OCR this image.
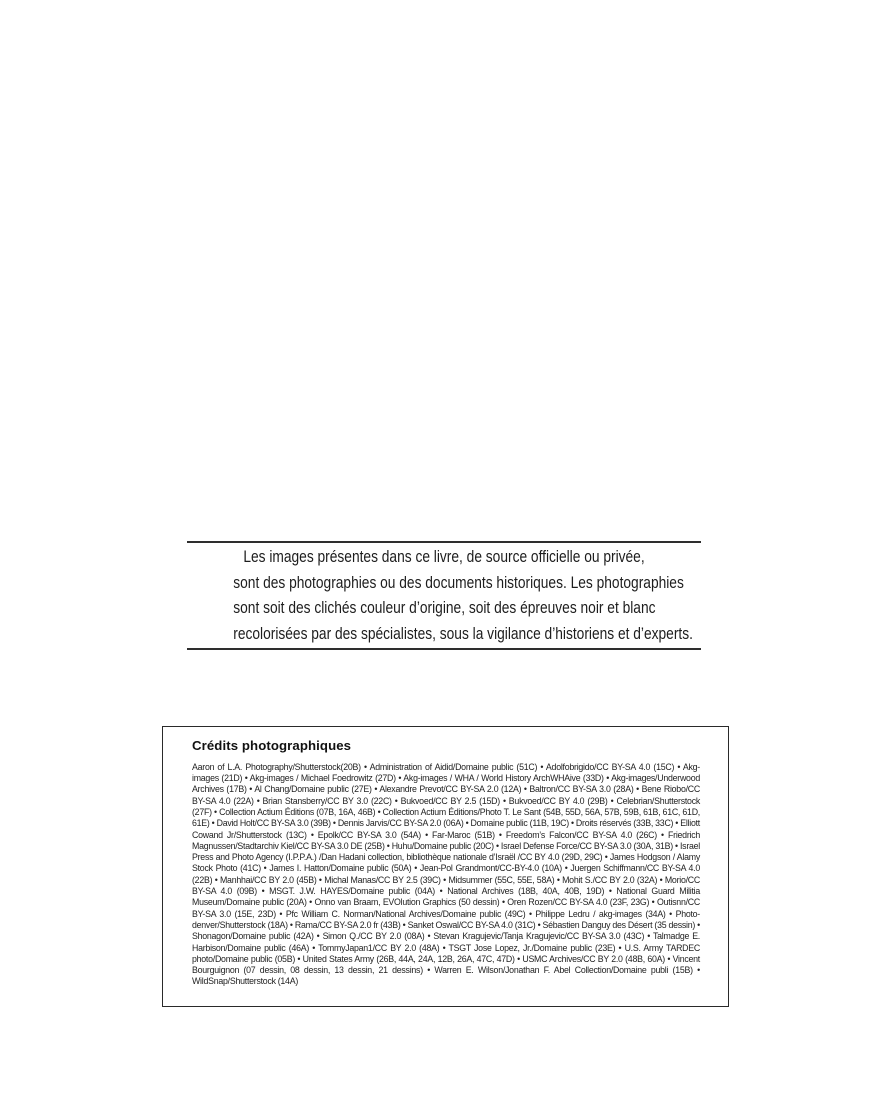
Les images présentes dans ce livre, de source officielle ou privée,
sont des photographies ou des documents historiques. Les photographies
sont soit des clichés couleur d’origine, soit des épreuves noir et blanc
recolorisées par des spécialistes, sous la vigilance d’historiens et d’experts.
Crédits photographiques

Aaron of L.A. Photography/Shutterstock(20B) • Administration of Aidid/Domaine public (51C) • Adolfobrigido/CC BY-SA 4.0 (15C) • Akg-images (21D) • Akg-images / Michael Foedrowitz (27D) • Akg-images / WHA / World History ArchWHAive (33D) • Akg-images/Underwood Archives (17B) • Al Chang/Domaine public (27E) • Alexandre Prevot/CC BY-SA 2.0 (12A) • Baltron/CC BY-SA 3.0 (28A) • Bene Riobo/CC BY-SA 4.0 (22A) • Brian Stansberry/CC BY 3.0 (22C) • Bukvoed/CC BY 2.5 (15D) • Bukvoed/CC BY 4.0 (29B) • Celebrian/Shutterstock (27F) • Collection Actium Éditions (07B, 16A, 46B) • Collection Actium Éditions/Photo T. Le Sant (54B, 55D, 56A, 57B, 59B, 61B, 61C, 61D, 61E) • David Holt/CC BY-SA 3.0 (39B) • Dennis Jarvis/CC BY-SA 2.0 (06A) • Domaine public (11B, 19C) • Droits réservés (33B, 33C) • Elliott Cowand Jr/Shutterstock (13C) • Epolk/CC BY-SA 3.0 (54A) • Far-Maroc (51B) • Freedom’s Falcon/CC BY-SA 4.0 (26C) • Friedrich Magnussen/Stadtarchiv Kiel/CC BY-SA 3.0 DE (25B) • Huhu/Domaine public (20C) • Israel Defense Force/CC BY-SA 3.0 (30A, 31B) • Israel Press and Photo Agency (I.P.P.A.) /Dan Hadani collection, bibliothèque nationale d’Israël /CC BY 4.0 (29D, 29C) • James Hodgson / Alamy Stock Photo (41C) • James I. Hatton/Domaine public (50A) • Jean-Pol Grandmont/CC-BY-4.0 (10A) • Juergen Schiffmann/CC BY-SA 4.0 (22B) • Manhhai/CC BY 2.0 (45B) • Michal Manas/CC BY 2.5 (39C) • Midsummer (55C, 55E, 58A) • Mohit S./CC BY 2.0 (32A) • Morio/CC BY-SA 4.0 (09B) • MSGT. J.W. HAYES/Domaine public (04A) • National Archives (18B, 40A, 40B, 19D) • National Guard Militia Museum/Domaine public (20A) • Onno van Braam, EVOlution Graphics (50 dessin) • Oren Rozen/CC BY-SA 4.0 (23F, 23G) • Outisnn/CC BY-SA 3.0 (15E, 23D) • Pfc William C. Norman/National Archives/Domaine public (49C) • Philippe Ledru / akg-images (34A) • Photo-denver/Shutterstock (18A) • Rama/CC BY-SA 2.0 fr (43B) • Sanket Oswal/CC BY-SA 4.0 (31C) • Sébastien Danguy des Désert (35 dessin) • Shonagon/Domaine public (42A) • Simon Q./CC BY 2.0 (08A) • Stevan Kragujevic/Tanja Kragujevic/CC BY-SA 3.0 (43C) • Talmadge E. Harbison/Domaine public (46A) • TommyJapan1/CC BY 2.0 (48A) • TSGT Jose Lopez, Jr./Domaine public (23E) • U.S. Army TARDEC photo/Domaine public (05B) • United States Army (26B, 44A, 24A, 12B, 26A, 47C, 47D) • USMC Archives/CC BY 2.0 (48B, 60A) • Vincent Bourguignon (07 dessin, 08 dessin, 13 dessin, 21 dessins) • Warren E. Wilson/Jonathan F. Abel Collection/Domaine publi (15B) • WildSnap/Shutterstock (14A)
